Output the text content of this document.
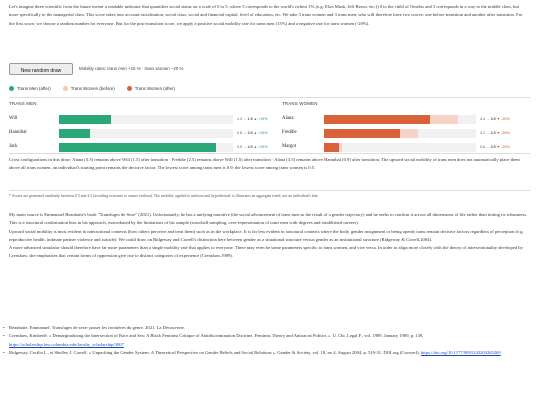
Let's imagine three scientific from the future invent a readable indicator that quantifies social status on a scale of 0 to 5, where 5 corresponds to the world's richest 1% (e.g. Elon Musk, Jeff Bezos, etc.)) 0 to the child of Omelas and 3 corresponds in a way to the middle class, but more specifically to the managerial class. This score takes into account racialisation, social class, social and financial capital, level of education, etc. We take 3 trans women and 3 trans men, who will therefore have two scores: one before transition and another after transition. For the first score, we choose a random number for everyone. But for the post-transition score, we apply a positive social mobility rate for trans men (15%) and a negative rate for trans women (-20%).
New random draw	Mobility rates: trans men +15 % · trans women −20 %
Trans Men (after)	Trans Women (before)	Trans Women (after)
TRANS MEN
Will	1.3 → 1.5 ▲ +15%
Hannibal	0.8 → 0.9 ▲ +15%
Jack	3.9 → 4.5 ▲ +15%
TRANS WOMEN
Alana	4.4 → 3.5 ▼ -20%
Freddie	3.1 → 2.5 ▼ -20%
Margot	0.6 → 0.5 ▼ -20%
Cross configurations in this draw: Alana (3.5) remains above Will (1.5) after transition · Freddie (2.5) remains above Will (1.5) after transition · Alana (3.5) remains above Hannibal (0.9) after transition. The upward social mobility of trans men does not automatically place them above all trans women, an individual's starting point remains the decisive factor. The lowest score among trans men is 0.9; the lowest score among trans women is 0.5.
* Scores are generated randomly between 0.5 and 4.5 (avoiding extremes to ensure realism). The mobility applied is uniform and hypothetical: it illustrates an aggregate trend, not an individual's fate.
My main source is Emmanuel Beaubatie's book "Transfuges de Sexe" (2021). Unfortunately, he has a unifying narrative (the social advancement of trans men as the result of a gender trajectory) and he seeks to confirm it across all dimensions of life rather than testing its robustness. This is a structural confirmation bias in his approach, exacerbated by the limitations of his sample (snowball sampling, over-representation of trans men with degrees and established careers).
Upward social mobility is most evident in interactional contexts (how others perceive and treat them) such as in the workplace. It is far less evident in structural contexts where the body, gender assignment or being openly trans remain decisive factors regardless of perception (e.g. reproductive health, intimate partner violence and suicide). We could draw on Ridgeway and Correll's distinction here between gender as a situational structure versus gender as an institutional structure (Ridgeway & Correll,2004).
A more advanced simulator should therefore have far more parameters than a single mobility rate that applies to everyone. There may even be some parameters specific to trans women, and vice versa. In order to align more closely with the theory of intersectionality developed by Crenshaw, she emphasises that certain forms of oppression give rise to distinct categories of experience (Crenshaw,1989).
• Beaubatie, Emmanuel. Transfuges de sexe: passer les frontières du genre. 2021. La Découverte.
• Crenshaw, Kimberlé. « Demarginalizing the Intersection of Race and Sex: A Black Feminist Critique of Antidiscrimination Doctrine, Feminist Theory and Antiracist Politics ». U. Chi. Legal F., vol. 1989, January 1989, p. 139, https://scholarship.law.columbia.edu/faculty_scholarship/3007
• Ridgeway, Cecilia L., et Shelley J. Correll. « Unpacking the Gender System: A Theoretical Perspective on Gender Beliefs and Social Relations ». Gender & Society, vol. 18, no 4, August 2004, p. 510-31. DOI.org (Crossref), https://doi.org/10.1177/0891243204265269
